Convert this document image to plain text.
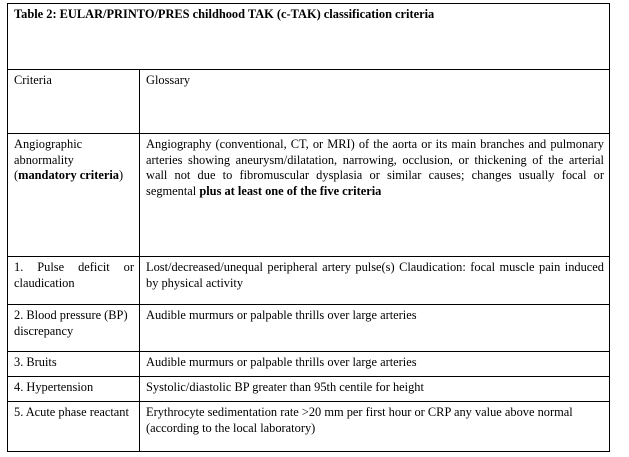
Table 2: EULAR/PRINTO/PRES childhood TAK (c-TAK) classification criteria	
Criteria	Glossary
Angiographic abnormality (mandatory criteria)	Angiography (conventional, CT, or MRI) of the aorta or its main branches and pulmonary arteries showing aneurysm/dilatation, narrowing, occlusion, or thickening of the arterial wall not due to fibromuscular dysplasia or similar causes; changes usually focal or segmental plus at least one of the five criteria
1. Pulse deficit or claudication	Lost/decreased/unequal peripheral artery pulse(s) Claudication: focal muscle pain induced by physical activity
2. Blood pressure (BP) discrepancy	Audible murmurs or palpable thrills over large arteries
3. Bruits	Audible murmurs or palpable thrills over large arteries
4. Hypertension	Systolic/diastolic BP greater than 95th centile for height
5. Acute phase reactant	Erythrocyte sedimentation rate >20 mm per first hour or CRP any value above normal (according to the local laboratory)
